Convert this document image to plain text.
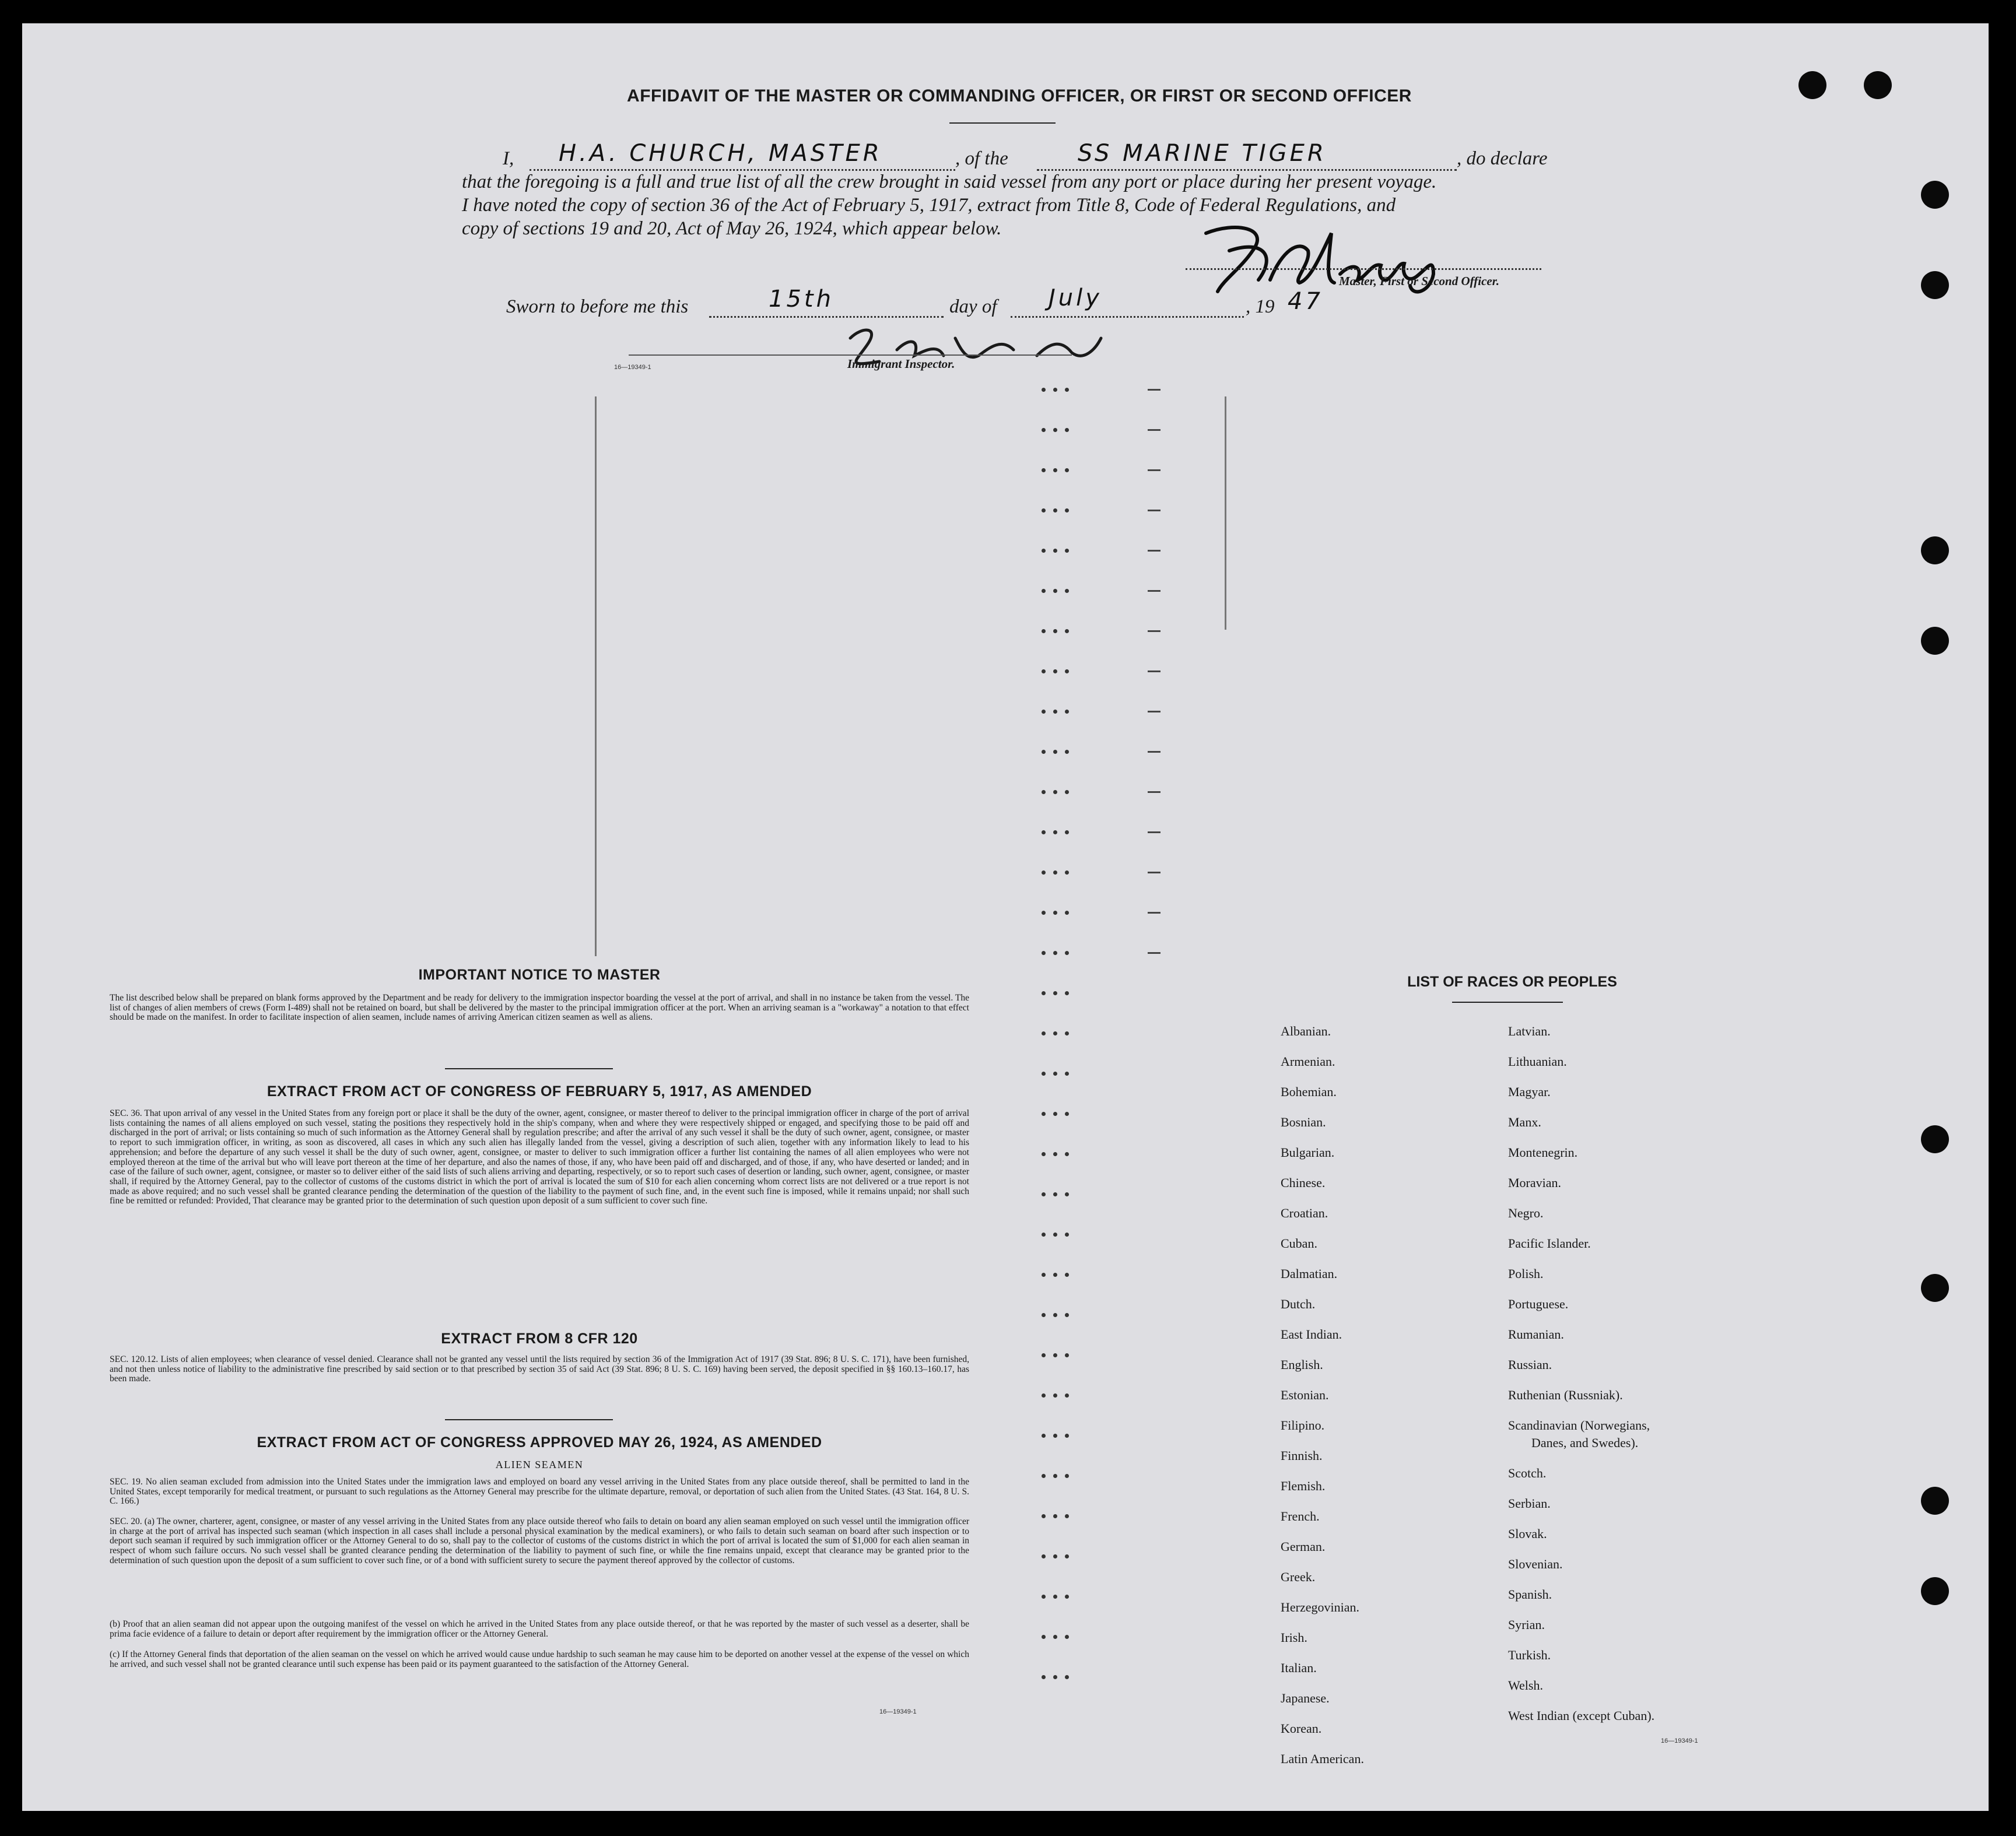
AFFIDAVIT OF THE MASTER OR COMMANDING OFFICER, OR FIRST OR SECOND OFFICER
I, H.A. CHURCH, MASTER	, of the	SS MARINE TIGER	, do declare
that the foregoing is a full and true list of all the crew brought in said vessel from any port or place during her present voyage.
I have noted the copy of section 36 of the Act of February 5, 1917, extract from Title 8, Code of Federal Regulations, and
copy of sections 19 and 20, Act of May 26, 1924, which appear below.
Master, First or Second Officer.
Sworn to before me this	15th	day of July	, 19 47
Immigrant Inspector.
16—19349-1
IMPORTANT NOTICE TO MASTER

The list described below shall be prepared on blank forms approved by the Department and be ready for delivery to the immigration inspector boarding the vessel at the port of arrival, and shall in no instance be taken from the vessel. The list of changes of alien members of crews (Form I-489) shall not be retained on board, but shall be delivered by the master to the principal immigration officer at the port. When an arriving seaman is a "workaway" a notation to that effect should be made on the manifest. In order to facilitate inspection of alien seamen, include names of arriving American citizen seamen as well as aliens.

EXTRACT FROM ACT OF CONGRESS OF FEBRUARY 5, 1917, AS AMENDED

SEC. 36. That upon arrival of any vessel in the United States from any foreign port or place it shall be the duty of the owner, agent, consignee, or master thereof to deliver to the principal immigration officer in charge of the port of arrival lists containing the names of all aliens employed on such vessel, stating the positions they respectively hold in the ship's company, when and where they were respectively shipped or engaged, and specifying those to be paid off and discharged in the port of arrival; or lists containing so much of such information as the Attorney General shall by regulation prescribe; and after the arrival of any such vessel it shall be the duty of such owner, agent, consignee, or master to report to such immigration officer, in writing, as soon as discovered, all cases in which any such alien has illegally landed from the vessel, giving a description of such alien, together with any information likely to lead to his apprehension; and before the departure of any such vessel it shall be the duty of such owner, agent, consignee, or master to deliver to such immigration officer a further list containing the names of all alien employees who were not employed thereon at the time of the arrival but who will leave port thereon at the time of her departure, and also the names of those, if any, who have been paid off and discharged, and of those, if any, who have deserted or landed; and in case of the failure of such owner, agent, consignee, or master so to deliver either of the said lists of such aliens arriving and departing, respectively, or so to report such cases of desertion or landing, such owner, agent, consignee, or master shall, if required by the Attorney General, pay to the collector of customs of the customs district in which the port of arrival is located the sum of $10 for each alien concerning whom correct lists are not delivered or a true report is not made as above required; and no such vessel shall be granted clearance pending the determination of the question of the liability to the payment of such fine, and, in the event such fine is imposed, while it remains unpaid; nor shall such fine be remitted or refunded: Provided, That clearance may be granted prior to the determination of such question upon deposit of a sum sufficient to cover such fine.

EXTRACT FROM 8 CFR 120

SEC. 120.12. Lists of alien employees; when clearance of vessel denied. Clearance shall not be granted any vessel until the lists required by section 36 of the Immigration Act of 1917 (39 Stat. 896; 8 U. S. C. 171), have been furnished, and not then unless notice of liability to the administrative fine prescribed by said section or to that prescribed by section 35 of said Act (39 Stat. 896; 8 U. S. C. 169) having been served, the deposit specified in §§ 160.13–160.17, has been made.

EXTRACT FROM ACT OF CONGRESS APPROVED MAY 26, 1924, AS AMENDED
ALIEN SEAMEN

SEC. 19. No alien seaman excluded from admission into the United States under the immigration laws and employed on board any vessel arriving in the United States from any place outside thereof, shall be permitted to land in the United States, except temporarily for medical treatment, or pursuant to such regulations as the Attorney General may prescribe for the ultimate departure, removal, or deportation of such alien from the United States. (43 Stat. 164, 8 U. S. C. 166.)

SEC. 20. (a) The owner, charterer, agent, consignee, or master of any vessel arriving in the United States from any place outside thereof who fails to detain on board any alien seaman employed on such vessel until the immigration officer in charge at the port of arrival has inspected such seaman (which inspection in all cases shall include a personal physical examination by the medical examiners), or who fails to detain such seaman on board after such inspection or to deport such seaman if required by such immigration officer or the Attorney General to do so, shall pay to the collector of customs of the customs district in which the port of arrival is located the sum of $1,000 for each alien seaman in respect of whom such failure occurs. No such vessel shall be granted clearance pending the determination of the liability to payment of such fine, or while the fine remains unpaid, except that clearance may be granted prior to the determination of such question upon the deposit of a sum sufficient to cover such fine, or of a bond with sufficient surety to secure the payment thereof approved by the collector of customs.

(b) Proof that an alien seaman did not appear upon the outgoing manifest of the vessel on which he arrived in the United States from any place outside thereof, or that he was reported by the master of such vessel as a deserter, shall be prima facie evidence of a failure to detain or deport after requirement by the immigration officer or the Attorney General.

(c) If the Attorney General finds that deportation of the alien seaman on the vessel on which he arrived would cause undue hardship to such seaman he may cause him to be deported on another vessel at the expense of the vessel on which he arrived, and such vessel shall not be granted clearance until such expense has been paid or its payment guaranteed to the satisfaction of the Attorney General.

16—19349-1
LIST OF RACES OR PEOPLES
Albanian.
Armenian.
Bohemian.
Bosnian.
Bulgarian.
Chinese.
Croatian.
Cuban.
Dalmatian.
Dutch.
East Indian.
English.
Estonian.
Filipino.
Finnish.
Flemish.
French.
German.
Greek.
Herzegovinian.
Irish.
Italian.
Japanese.
Korean.
Latin American.
Latvian.
Lithuanian.
Magyar.
Manx.
Montenegrin.
Moravian.
Negro.
Pacific Islander.
Polish.
Portuguese.
Rumanian.
Russian.
Ruthenian (Russniak).
Scandinavian (Norwegians,
Danes, and Swedes).
Scotch.
Serbian.
Slovak.
Slovenian.
Spanish.
Syrian.
Turkish.
Welsh.
West Indian (except Cuban).
16—19349-1
